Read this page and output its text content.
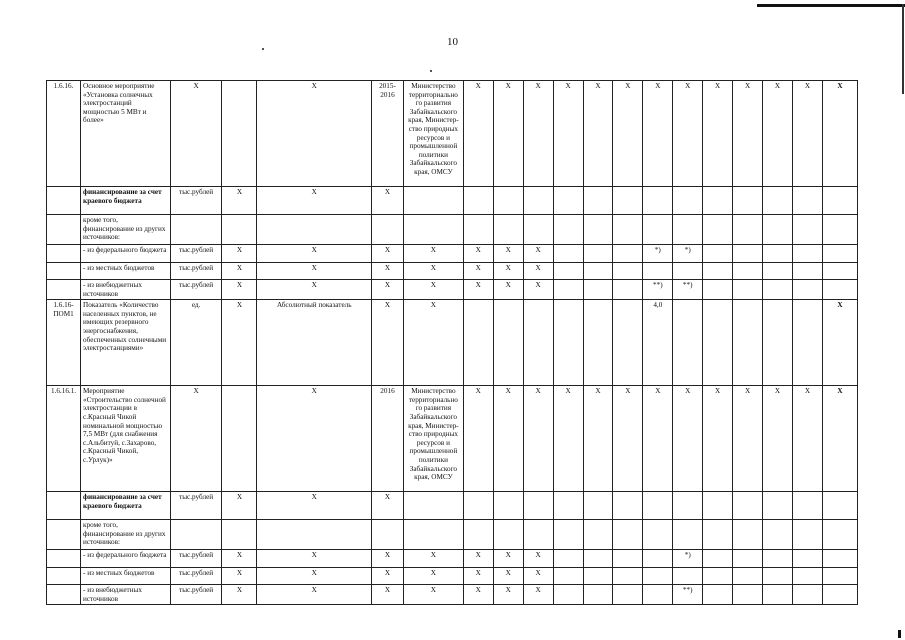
10
1.6.16.	Основное мероприятие «Установка солнечных электростанций мощностью 5 МВт и более»	X		X	2015-2016	Министерство территориально го развития Забайкальского края, Министер-ство природных ресурсов и промышленной политики Забайкальского края, ОМСУ	X	X	X	X	X	X	X	X	X	X	X	X	X
	финансирование за счет краевого бюджета	тыс.рублей	X	X	X														
	кроме того, финансирование из других источников:																		
	- из федерального бюджета	тыс.рублей	X	X	X	X	X	X	X				*)	*)					
	- из местных бюджетов	тыс.рублей	X	X	X	X	X	X	X										
	- из внебюджетных источников	тыс.рублей	X	X	X	X	X	X	X				**)	**)					
1.6.16-ПОМ1	Показатель «Количество населенных пунктов, не имеющих резервного энергоснабжения, обеспеченных солнечными электростанциями»	ед.	X	Абсолютный показатель	X	X							4,0						X
1.6.16.1.	Мероприятие «Строительство солнечной электростанции в с.Красный Чикой номинальной мощностью 7,5 МВт (для снабжения с.Альбитуй, с.Захарово, с.Красный Чикой, с.Урлук)»	X		X	2016	Министерство территориально го развития Забайкальского края, Министер-ство природных ресурсов и промышленной политики Забайкальского края, ОМСУ	X	X	X	X	X	X	X	X	X	X	X	X	X
	финансирование за счет краевого бюджета	тыс.рублей	X	X	X														
	кроме того, финансирование из других источников:																		
	- из федерального бюджета	тыс.рублей	X	X	X	X	X	X	X					*)					
	- из местных бюджетов	тыс.рублей	X	X	X	X	X	X	X										
	- из внебюджетных источников	тыс.рублей	X	X	X	X	X	X	X					**)					
